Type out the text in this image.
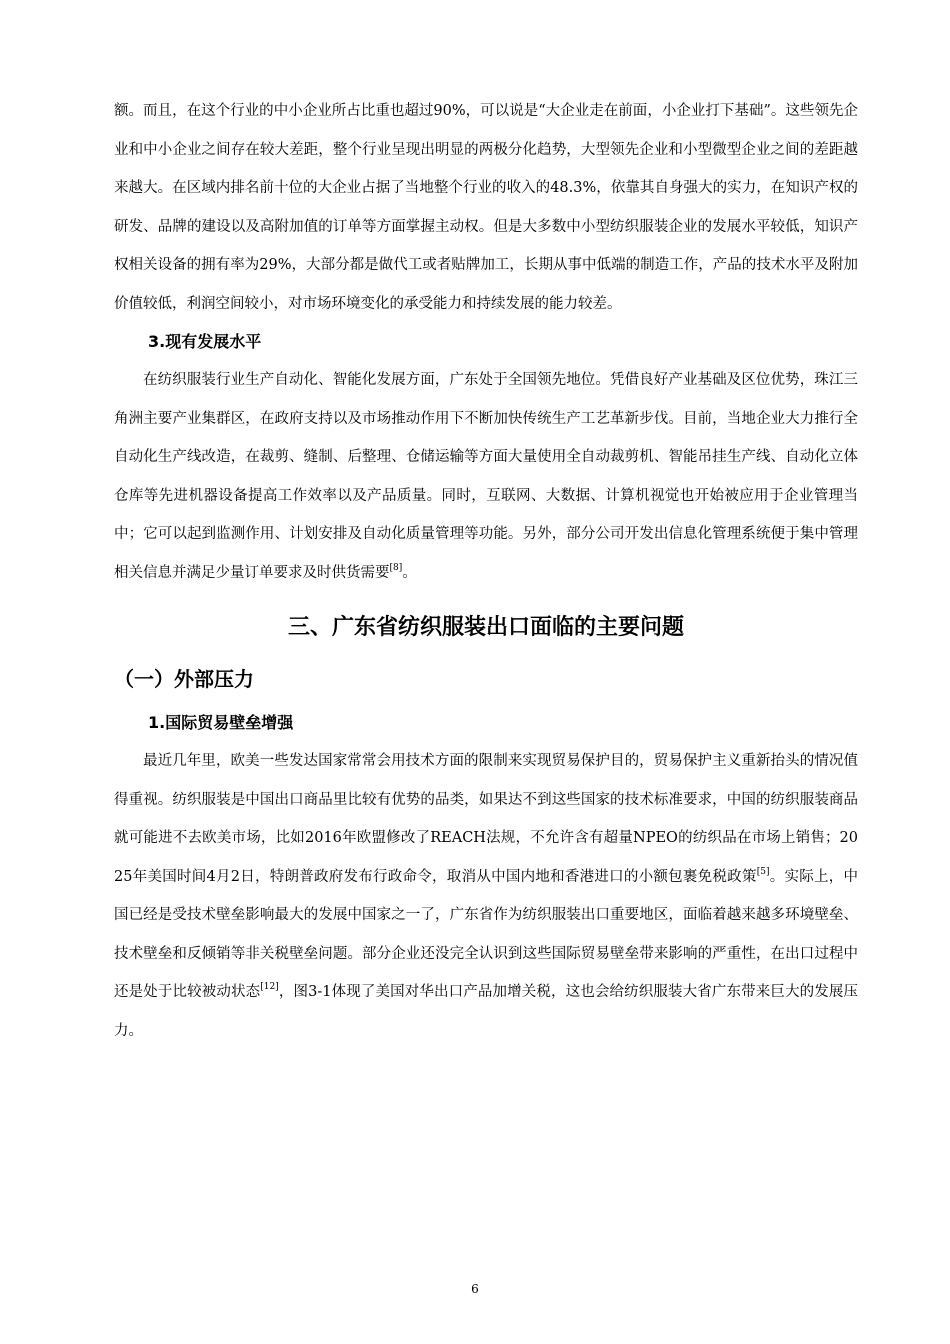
额。而且，在这个行业的中小企业所占比重也超过90%，可以说是“大企业走在前面，小企业打下基础”。这些领先企业和中小企业之间存在较大差距，整个行业呈现出明显的两极分化趋势，大型领先企业和小型微型企业之间的差距越来越大。在区域内排名前十位的大企业占据了当地整个行业的收入的48.3%，依靠其自身强大的实力，在知识产权的研发、品牌的建设以及高附加值的订单等方面掌握主动权。但是大多数中小型纺织服装企业的发展水平较低，知识产权相关设备的拥有率为29%，大部分都是做代工或者贴牌加工，长期从事中低端的制造工作，产品的技术水平及附加价值较低，利润空间较小，对市场环境变化的承受能力和持续发展的能力较差。

3.现有发展水平

在纺织服装行业生产自动化、智能化发展方面，广东处于全国领先地位。凭借良好产业基础及区位优势，珠江三角洲主要产业集群区，在政府支持以及市场推动作用下不断加快传统生产工艺革新步伐。目前，当地企业大力推行全自动化生产线改造，在裁剪、缝制、后整理、仓储运输等方面大量使用全自动裁剪机、智能吊挂生产线、自动化立体仓库等先进机器设备提高工作效率以及产品质量。同时，互联网、大数据、计算机视觉也开始被应用于企业管理当中；它可以起到监测作用、计划安排及自动化质量管理等功能。另外，部分公司开发出信息化管理系统便于集中管理相关信息并满足少量订单要求及时供货需要[8]。

三、广东省纺织服装出口面临的主要问题

（一）外部压力

1.国际贸易壁垒增强

最近几年里，欧美一些发达国家常常会用技术方面的限制来实现贸易保护目的，贸易保护主义重新抬头的情况值得重视。纺织服装是中国出口商品里比较有优势的品类，如果达不到这些国家的技术标准要求，中国的纺织服装商品就可能进不去欧美市场，比如2016年欧盟修改了REACH法规，不允许含有超量NPEO的纺织品在市场上销售；2025年美国时间4月2日，特朗普政府发布行政命令，取消从中国内地和香港进口的小额包裹免税政策[5]。实际上，中国已经是受技术壁垒影响最大的发展中国家之一了，广东省作为纺织服装出口重要地区，面临着越来越多环境壁垒、技术壁垒和反倾销等非关税壁垒问题。部分企业还没完全认识到这些国际贸易壁垒带来影响的严重性，在出口过程中还是处于比较被动状态[12]，图3-1体现了美国对华出口产品加增关税，这也会给纺织服装大省广东带来巨大的发展压力。

6
